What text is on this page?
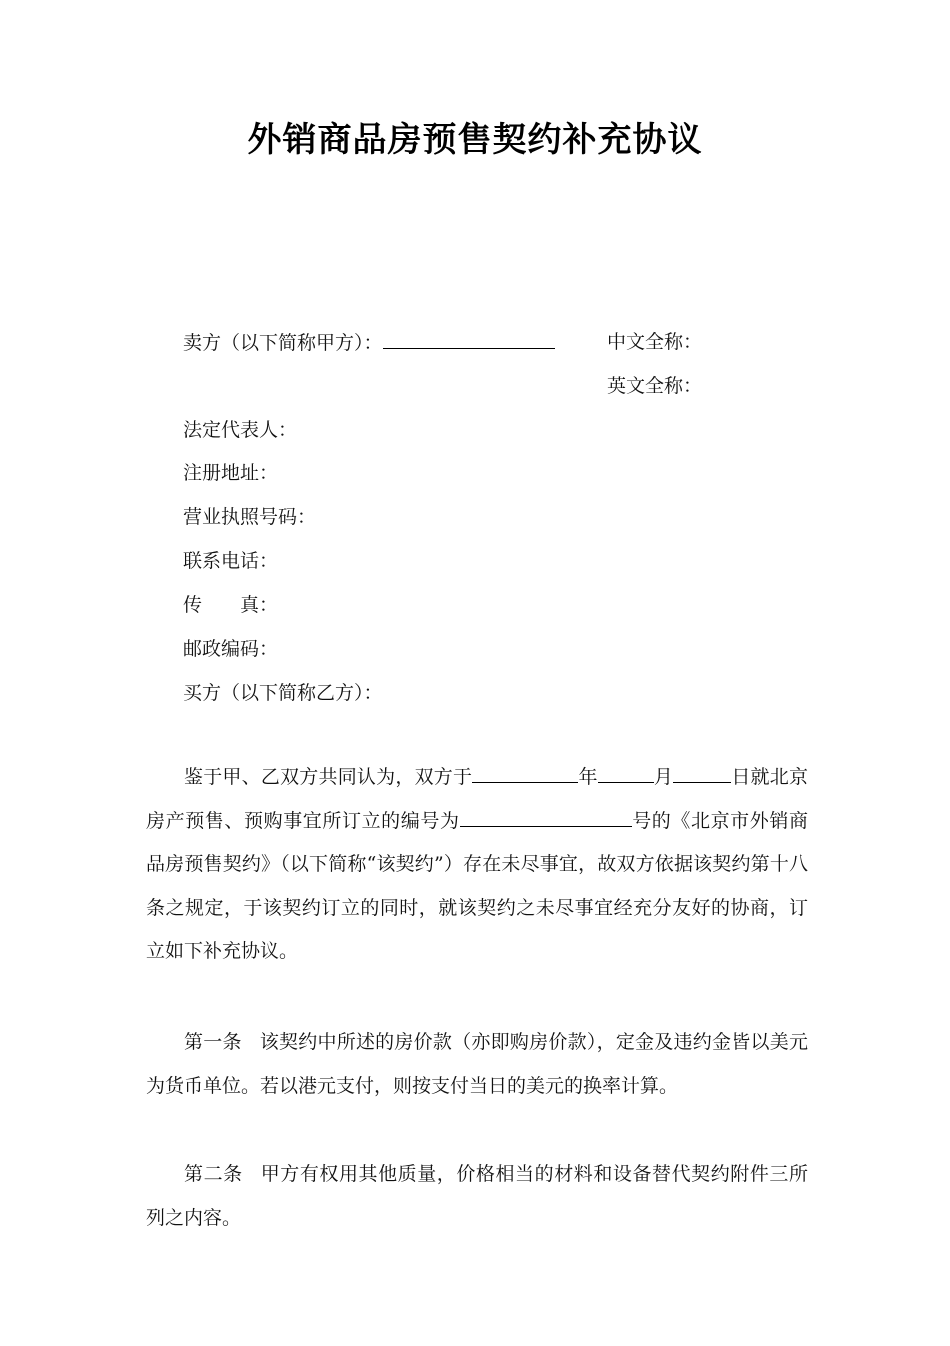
外销商品房预售契约补充协议
卖方（以下简称甲方）：	中文全称：
英文全称：
法定代表人：
注册地址：
营业执照号码：
联系电话：
传　　真：
邮政编码：
买方（以下简称乙方）：
鉴于甲、乙双方共同认为，双方于	年	月	日就北京房产预售、预购事宜所订立的编号为	号的《北京市外销商品房预售契约》（以下简称“该契约”）存在未尽事宜，故双方依据该契约第十八条之规定，于该契约订立的同时，就该契约之未尽事宜经充分友好的协商，订立如下补充协议。
第一条 该契约中所述的房价款（亦即购房价款），定金及违约金皆以美元为货币单位。若以港元支付，则按支付当日的美元的换率计算。
第二条 甲方有权用其他质量，价格相当的材料和设备替代契约附件三所列之内容。
